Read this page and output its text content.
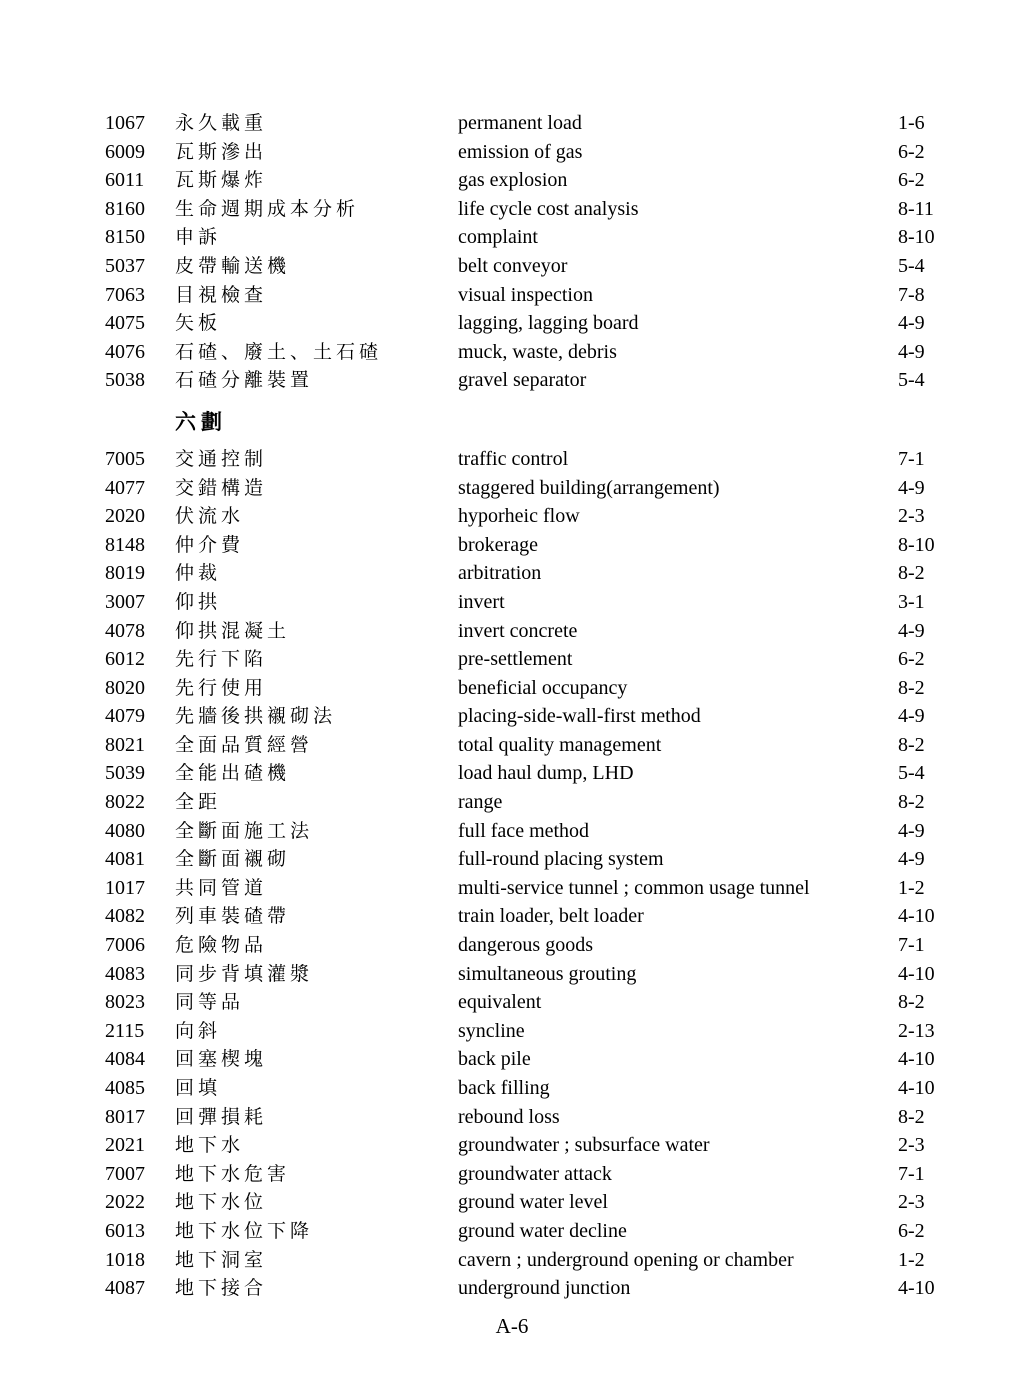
1067	永久載重	permanent load	1-6
6009	瓦斯滲出	emission of gas	6-2
6011	瓦斯爆炸	gas explosion	6-2
8160	生命週期成本分析	life cycle cost analysis	8-11
8150	申訴	complaint	8-10
5037	皮帶輸送機	belt conveyor	5-4
7063	目視檢查	visual inspection	7-8
4075	矢板	lagging, lagging board	4-9
4076	石碴、廢土、土石碴	muck, waste, debris	4-9
5038	石碴分離裝置	gravel separator	5-4
六劃
7005	交通控制	traffic control	7-1
4077	交錯構造	staggered building(arrangement)	4-9
2020	伏流水	hyporheic flow	2-3
8148	仲介費	brokerage	8-10
8019	仲裁	arbitration	8-2
3007	仰拱	invert	3-1
4078	仰拱混凝土	invert concrete	4-9
6012	先行下陷	pre-settlement	6-2
8020	先行使用	beneficial occupancy	8-2
4079	先牆後拱襯砌法	placing-side-wall-first method	4-9
8021	全面品質經營	total quality management	8-2
5039	全能出碴機	load haul dump, LHD	5-4
8022	全距	range	8-2
4080	全斷面施工法	full face method	4-9
4081	全斷面襯砌	full-round placing system	4-9
1017	共同管道	multi-service tunnel ; common usage tunnel	1-2
4082	列車裝碴帶	train loader, belt loader	4-10
7006	危險物品	dangerous goods	7-1
4083	同步背填灌漿	simultaneous grouting	4-10
8023	同等品	equivalent	8-2
2115	向斜	syncline	2-13
4084	回塞楔塊	back pile	4-10
4085	回填	back filling	4-10
8017	回彈損耗	rebound loss	8-2
2021	地下水	groundwater ; subsurface water	2-3
7007	地下水危害	groundwater attack	7-1
2022	地下水位	ground water level	2-3
6013	地下水位下降	ground water decline	6-2
1018	地下洞室	cavern ; underground opening or chamber	1-2
4087	地下接合	underground junction	4-10
A-6
